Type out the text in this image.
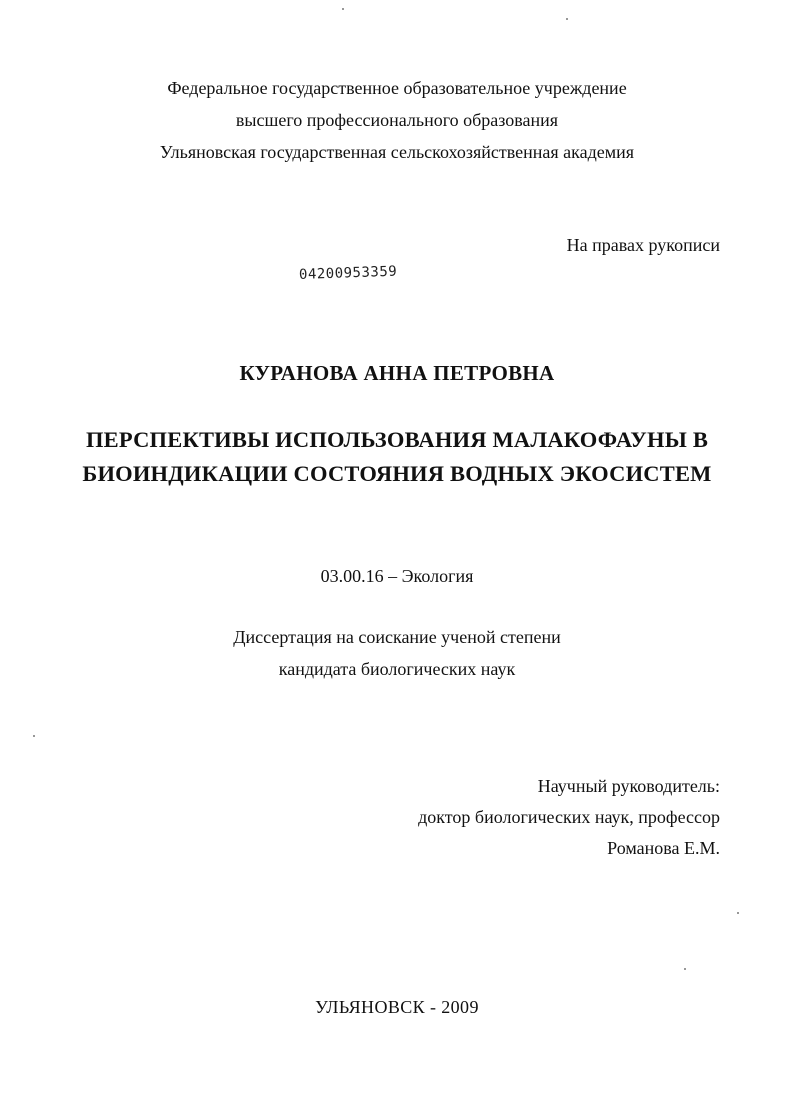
Федеральное государственное образовательное учреждение
высшего профессионального образования
Ульяновская государственная сельскохозяйственная академия
На правах рукописи
04200953359
КУРАНОВА АННА ПЕТРОВНА
ПЕРСПЕКТИВЫ ИСПОЛЬЗОВАНИЯ МАЛАКОФАУНЫ В
БИОИНДИКАЦИИ СОСТОЯНИЯ ВОДНЫХ ЭКОСИСТЕМ
03.00.16 – Экология
Диссертация на соискание ученой степени
кандидата биологических наук
Научный руководитель:
доктор биологических наук, профессор
Романова Е.М.
УЛЬЯНОВСК - 2009
